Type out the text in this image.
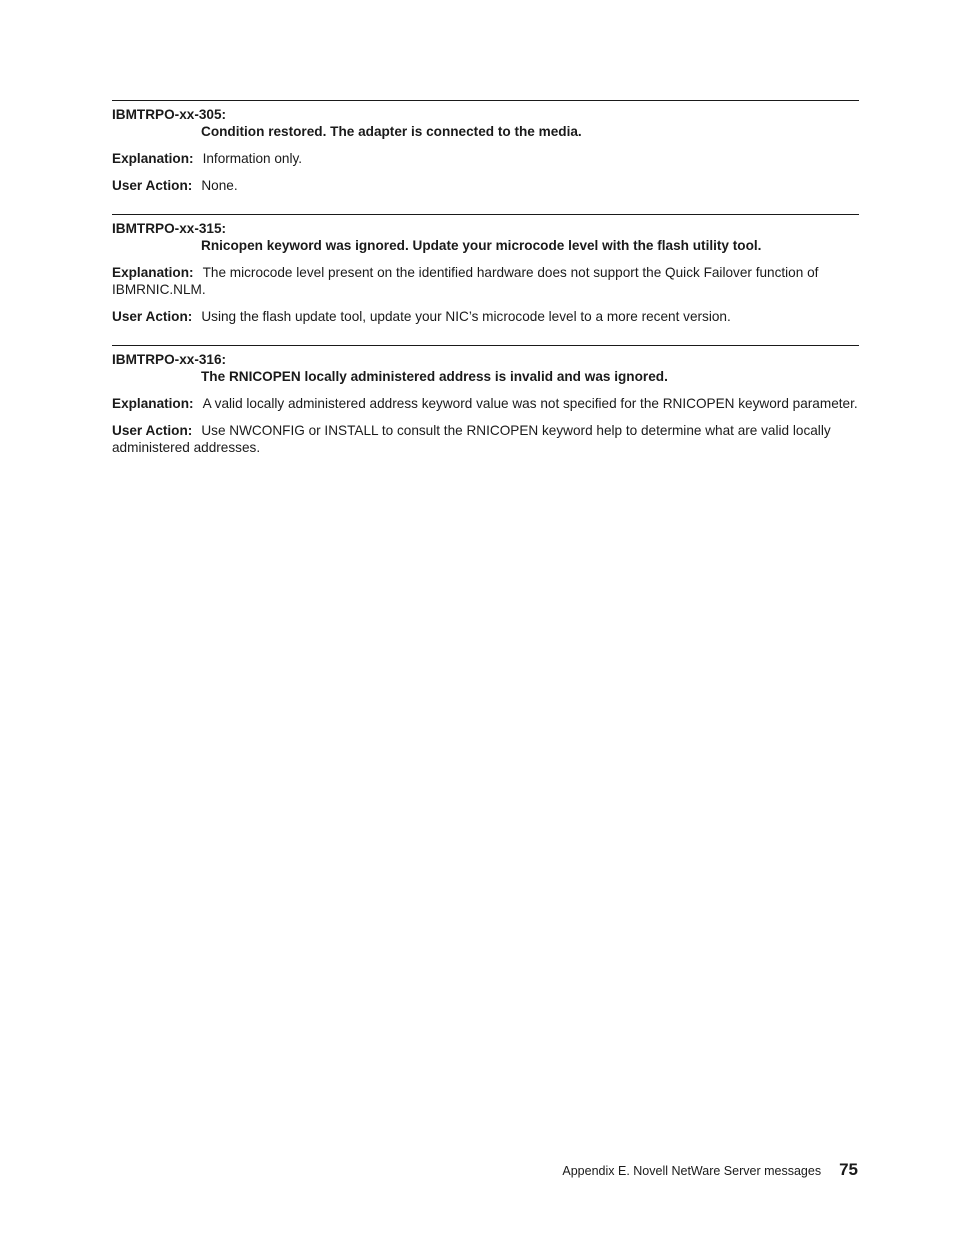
IBMTRPO-xx-305:
Condition restored. The adapter is connected to the media.
Explanation: Information only.
User Action: None.
IBMTRPO-xx-315:
Rnicopen keyword was ignored. Update your microcode level with the flash utility tool.
Explanation: The microcode level present on the identified hardware does not support the Quick Failover function of IBMRNIC.NLM.
User Action: Using the flash update tool, update your NIC’s microcode level to a more recent version.
IBMTRPO-xx-316:
The RNICOPEN locally administered address is invalid and was ignored.
Explanation: A valid locally administered address keyword value was not specified for the RNICOPEN keyword parameter.
User Action: Use NWCONFIG or INSTALL to consult the RNICOPEN keyword help to determine what are valid locally administered addresses.
Appendix E. Novell NetWare Server messages 75
